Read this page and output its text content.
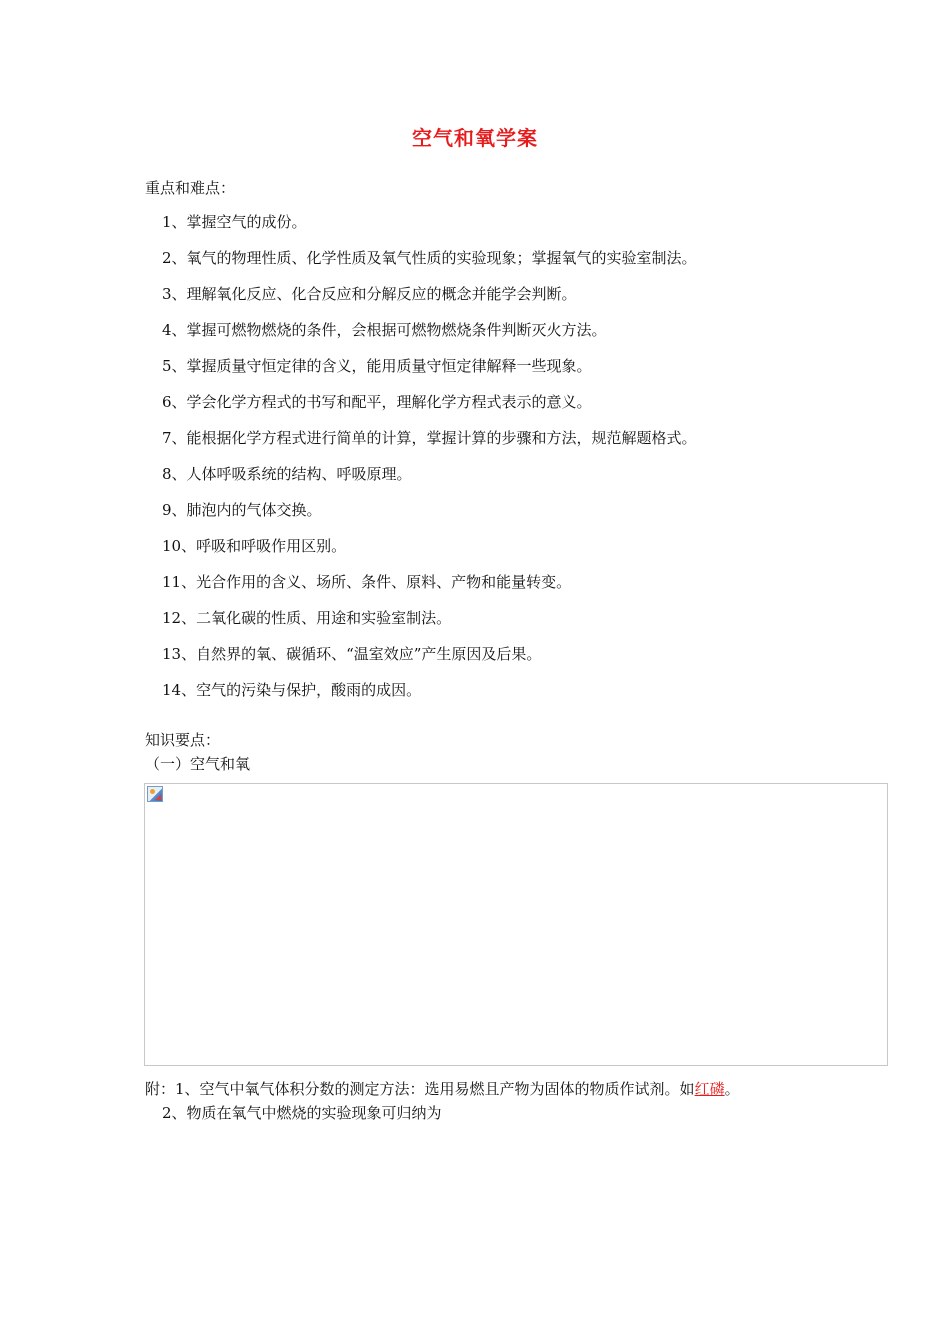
空气和氧学案
重点和难点：
1、掌握空气的成份。
2、氧气的物理性质、化学性质及氧气性质的实验现象；掌握氧气的实验室制法。
3、理解氧化反应、化合反应和分解反应的概念并能学会判断。
4、掌握可燃物燃烧的条件，会根据可燃物燃烧条件判断灭火方法。
5、掌握质量守恒定律的含义，能用质量守恒定律解释一些现象。
6、学会化学方程式的书写和配平，理解化学方程式表示的意义。
7、能根据化学方程式进行简单的计算，掌握计算的步骤和方法，规范解题格式。
8、人体呼吸系统的结构、呼吸原理。
9、肺泡内的气体交换。
10、呼吸和呼吸作用区别。
11、光合作用的含义、场所、条件、原料、产物和能量转变。
12、二氧化碳的性质、用途和实验室制法。
13、自然界的氧、碳循环、“温室效应”产生原因及后果。
14、空气的污染与保护，酸雨的成因。
知识要点：
（一）空气和氧
附：1、空气中氧气体积分数的测定方法：选用易燃且产物为固体的物质作试剂。如红磷。
2、物质在氧气中燃烧的实验现象可归纳为
